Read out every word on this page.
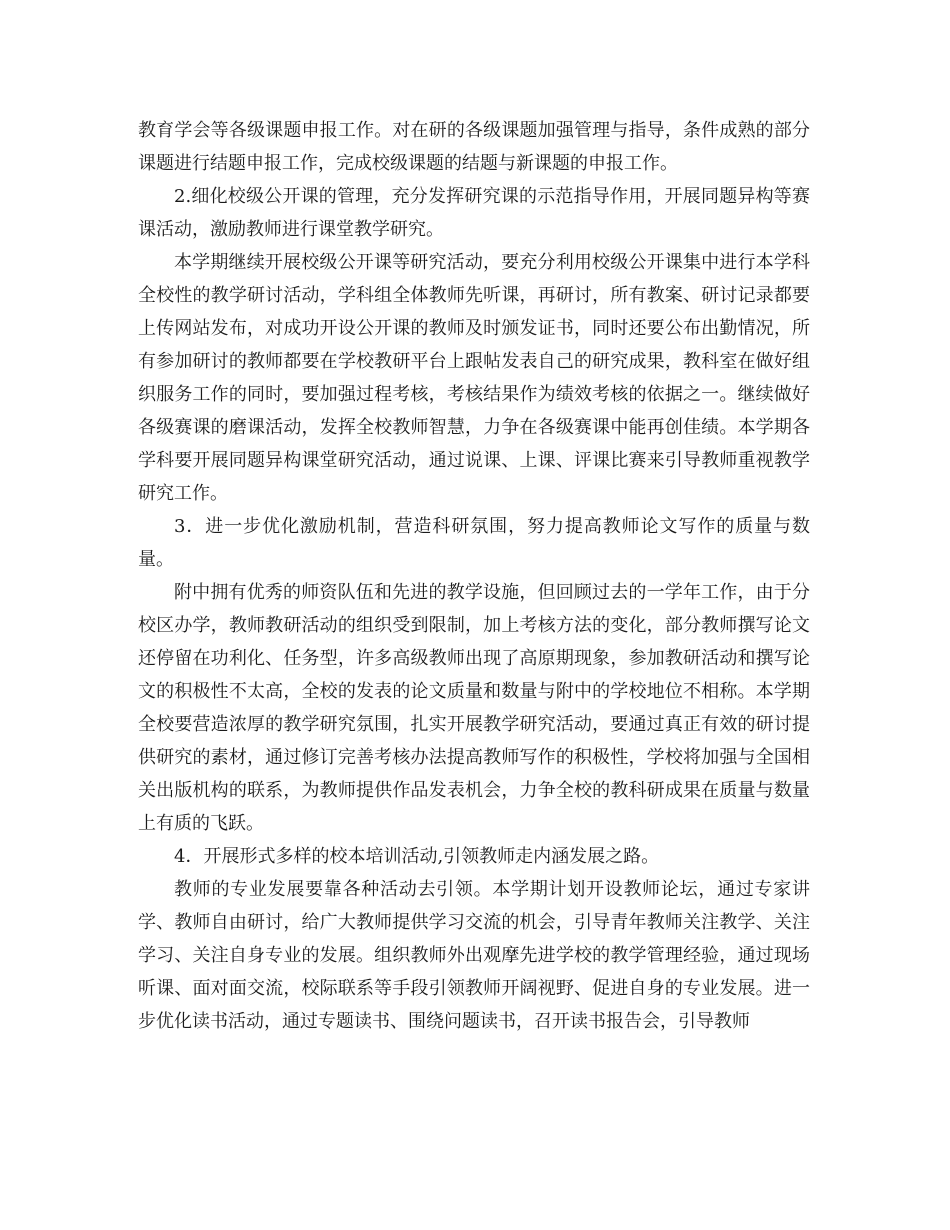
教育学会等各级课题申报工作。对在研的各级课题加强管理与指导，条件成熟的部分课题进行结题申报工作，完成校级课题的结题与新课题的申报工作。

2.细化校级公开课的管理，充分发挥研究课的示范指导作用，开展同题异构等赛课活动，激励教师进行课堂教学研究。

本学期继续开展校级公开课等研究活动，要充分利用校级公开课集中进行本学科全校性的教学研讨活动，学科组全体教师先听课，再研讨，所有教案、研讨记录都要上传网站发布，对成功开设公开课的教师及时颁发证书，同时还要公布出勤情况，所有参加研讨的教师都要在学校教研平台上跟帖发表自己的研究成果，教科室在做好组织服务工作的同时，要加强过程考核，考核结果作为绩效考核的依据之一。继续做好各级赛课的磨课活动，发挥全校教师智慧，力争在各级赛课中能再创佳绩。本学期各学科要开展同题异构课堂研究活动，通过说课、上课、评课比赛来引导教师重视教学研究工作。

3．进一步优化激励机制，营造科研氛围，努力提高教师论文写作的质量与数量。

附中拥有优秀的师资队伍和先进的教学设施，但回顾过去的一学年工作，由于分校区办学，教师教研活动的组织受到限制，加上考核方法的变化，部分教师撰写论文还停留在功利化、任务型，许多高级教师出现了高原期现象，参加教研活动和撰写论文的积极性不太高，全校的发表的论文质量和数量与附中的学校地位不相称。本学期全校要营造浓厚的教学研究氛围，扎实开展教学研究活动，要通过真正有效的研讨提供研究的素材，通过修订完善考核办法提高教师写作的积极性，学校将加强与全国相关出版机构的联系，为教师提供作品发表机会，力争全校的教科研成果在质量与数量上有质的飞跃。

4．开展形式多样的校本培训活动,引领教师走内涵发展之路。

教师的专业发展要靠各种活动去引领。本学期计划开设教师论坛，通过专家讲学、教师自由研讨，给广大教师提供学习交流的机会，引导青年教师关注教学、关注学习、关注自身专业的发展。组织教师外出观摩先进学校的教学管理经验，通过现场听课、面对面交流，校际联系等手段引领教师开阔视野、促进自身的专业发展。进一步优化读书活动，通过专题读书、围绕问题读书，召开读书报告会，引导教师
